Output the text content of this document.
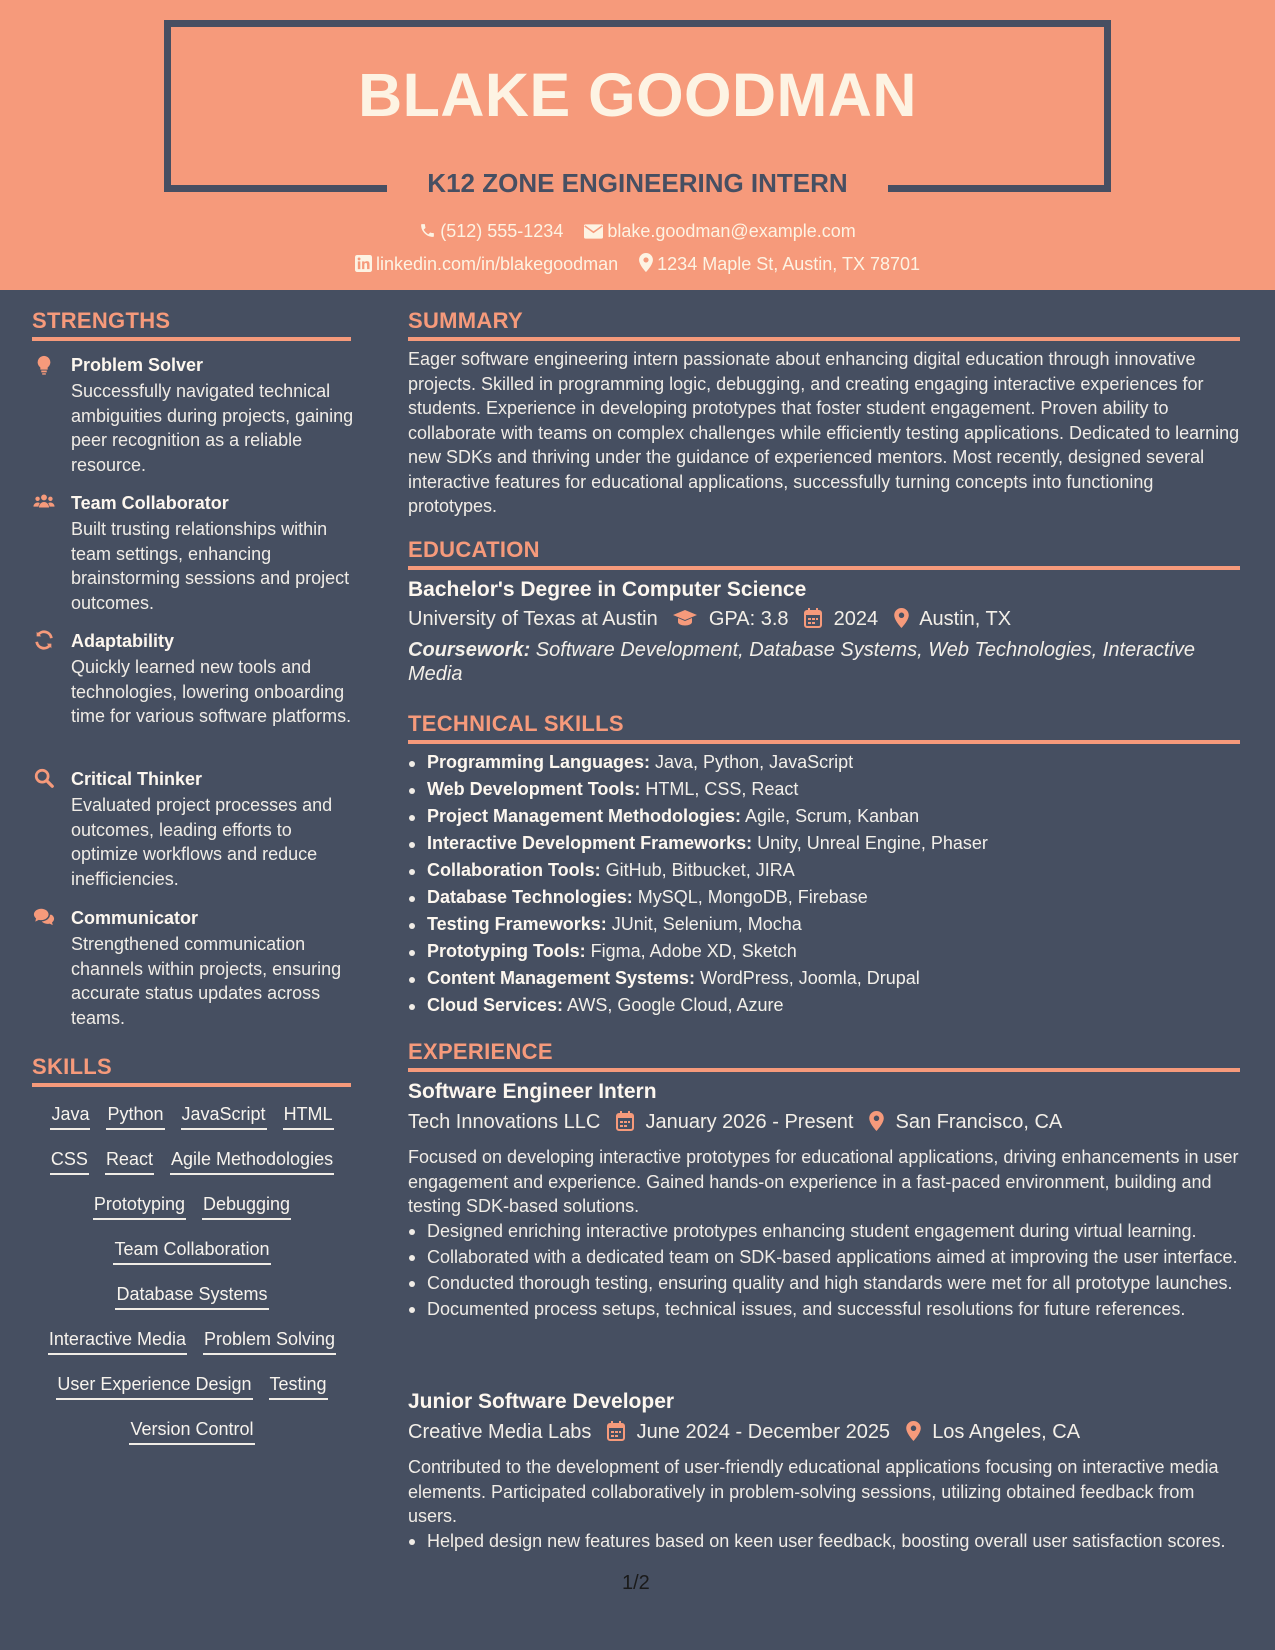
BLAKE GOODMAN
K12 ZONE ENGINEERING INTERN
(512) 555-1234 blake.goodman@example.com
linkedin.com/in/blakegoodman 1234 Maple St, Austin, TX 78701
STRENGTHS
Problem Solver
Successfully navigated technical ambiguities during projects, gaining peer recognition as a reliable resource.
Team Collaborator
Built trusting relationships within team settings, enhancing brainstorming sessions and project outcomes.
Adaptability
Quickly learned new tools and technologies, lowering onboarding time for various software platforms.
Critical Thinker
Evaluated project processes and outcomes, leading efforts to optimize workflows and reduce inefficiencies.
Communicator
Strengthened communication channels within projects, ensuring accurate status updates across teams.
SKILLS
Java Python JavaScript HTML
CSS React Agile Methodologies
Prototyping Debugging
Team Collaboration
Database Systems
Interactive Media Problem Solving
User Experience Design Testing
Version Control
SUMMARY
Eager software engineering intern passionate about enhancing digital education through innovative projects. Skilled in programming logic, debugging, and creating engaging interactive experiences for students. Experience in developing prototypes that foster student engagement. Proven ability to collaborate with teams on complex challenges while efficiently testing applications. Dedicated to learning new SDKs and thriving under the guidance of experienced mentors. Most recently, designed several interactive features for educational applications, successfully turning concepts into functioning prototypes.
EDUCATION
Bachelor's Degree in Computer Science
University of Texas at Austin	GPA: 3.8 2024 Austin, TX
Coursework: Software Development, Database Systems, Web Technologies, Interactive Media
TECHNICAL SKILLS
Programming Languages: Java, Python, JavaScript
Web Development Tools: HTML, CSS, React
Project Management Methodologies: Agile, Scrum, Kanban
Interactive Development Frameworks: Unity, Unreal Engine, Phaser
Collaboration Tools: GitHub, Bitbucket, JIRA
Database Technologies: MySQL, MongoDB, Firebase
Testing Frameworks: JUnit, Selenium, Mocha
Prototyping Tools: Figma, Adobe XD, Sketch
Content Management Systems: WordPress, Joomla, Drupal
Cloud Services: AWS, Google Cloud, Azure
EXPERIENCE
Software Engineer Intern
Tech Innovations LLC January 2026 - Present San Francisco, CA
Focused on developing interactive prototypes for educational applications, driving enhancements in user engagement and experience. Gained hands-on experience in a fast-paced environment, building and testing SDK-based solutions.
Designed enriching interactive prototypes enhancing student engagement during virtual learning.
Collaborated with a dedicated team on SDK-based applications aimed at improving the user interface.
Conducted thorough testing, ensuring quality and high standards were met for all prototype launches.
Documented process setups, technical issues, and successful resolutions for future references.
Junior Software Developer
Creative Media Labs June 2024 - December 2025 Los Angeles, CA
Contributed to the development of user-friendly educational applications focusing on interactive media elements. Participated collaboratively in problem-solving sessions, utilizing obtained feedback from users.
Helped design new features based on keen user feedback, boosting overall user satisfaction scores.
1/2
